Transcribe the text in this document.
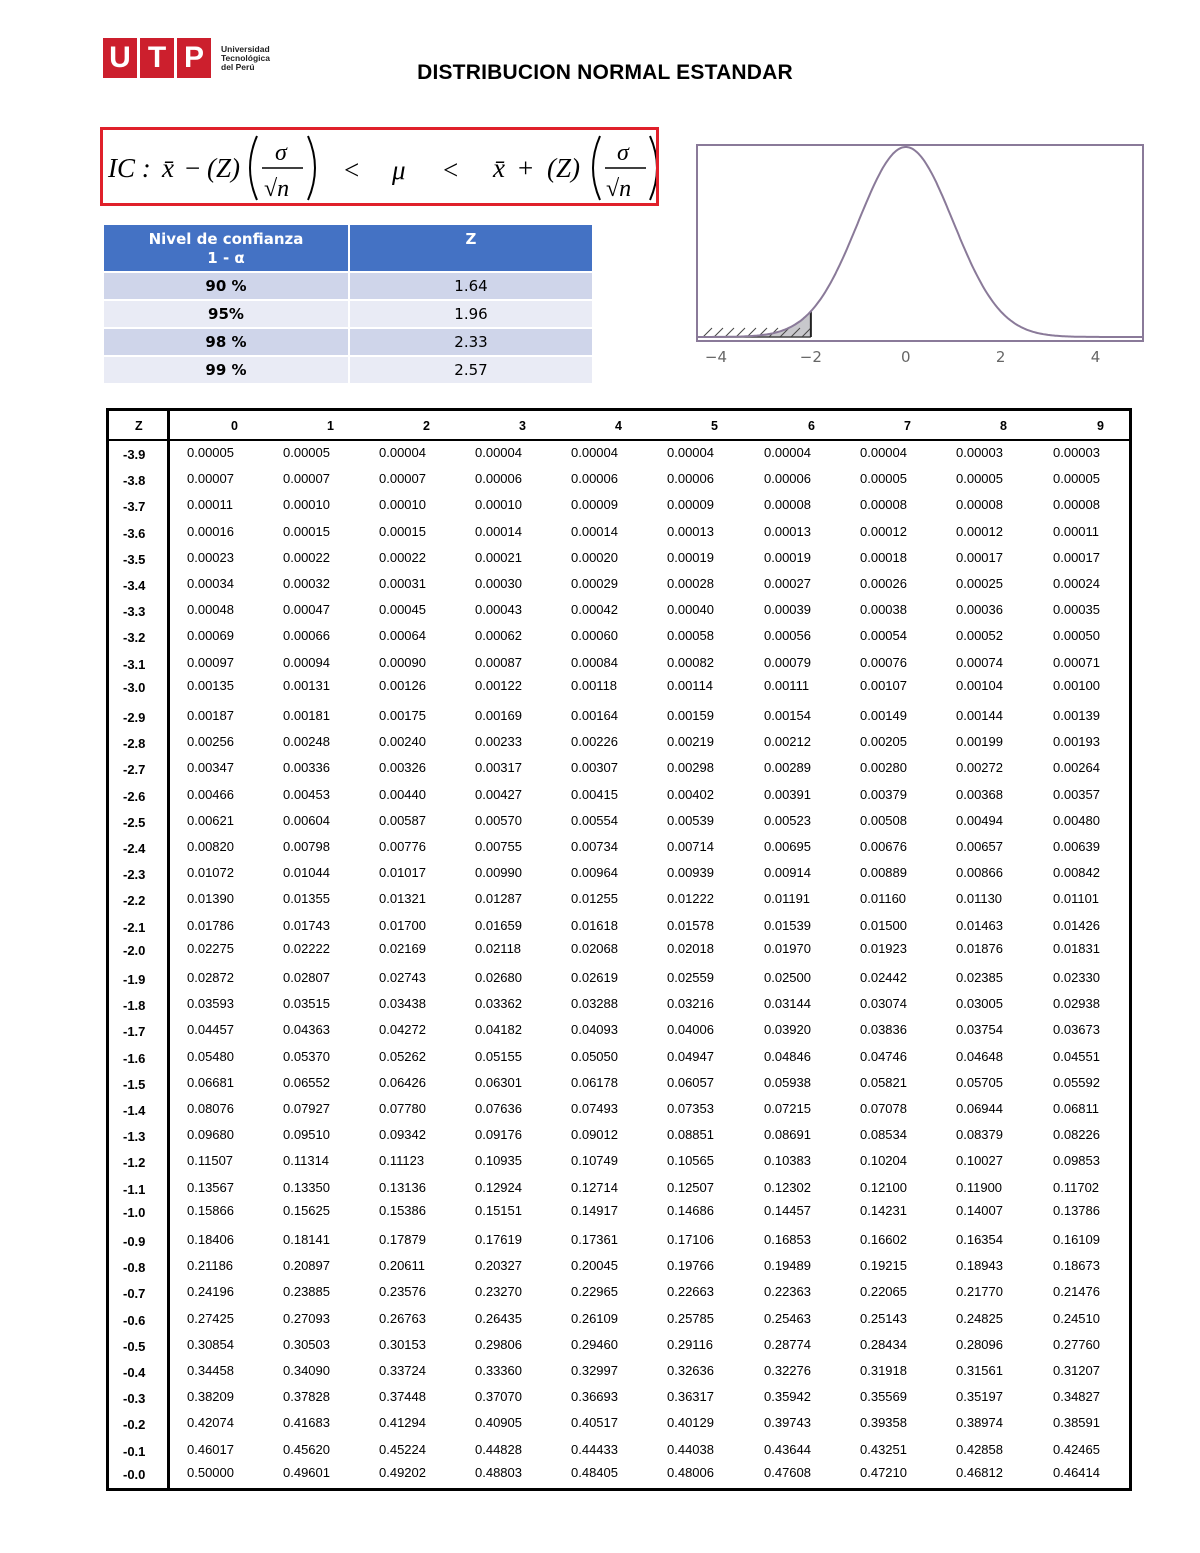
U T P	Universidad
Tecnológica
del Perú	DISTRIBUCION NORMAL ESTANDAR
IC : x̄ − (Z) σ
√n
< μ < x̄ + (Z) σ
√n
Nivel de confianza
1 - α	Z

90 %	1.64
95%	1.96
98 %	2.33
99 %	2.57
−4	−2	0	2	4
Z	0	1	2	3	4	5	6	7	8	9
-3.9	0.00005	0.00005	0.00004	0.00004	0.00004	0.00004	0.00004	0.00004	0.00003	0.00003
-3.8	0.00007	0.00007	0.00007	0.00006	0.00006	0.00006	0.00006	0.00005	0.00005	0.00005
-3.7	0.00011	0.00010	0.00010	0.00010	0.00009	0.00009	0.00008	0.00008	0.00008	0.00008
-3.6	0.00016	0.00015	0.00015	0.00014	0.00014	0.00013	0.00013	0.00012	0.00012	0.00011
-3.5	0.00023	0.00022	0.00022	0.00021	0.00020	0.00019	0.00019	0.00018	0.00017	0.00017
-3.4	0.00034	0.00032	0.00031	0.00030	0.00029	0.00028	0.00027	0.00026	0.00025	0.00024
-3.3	0.00048	0.00047	0.00045	0.00043	0.00042	0.00040	0.00039	0.00038	0.00036	0.00035
-3.2	0.00069	0.00066	0.00064	0.00062	0.00060	0.00058	0.00056	0.00054	0.00052	0.00050
-3.1	0.00097	0.00094	0.00090	0.00087	0.00084	0.00082	0.00079	0.00076	0.00074	0.00071
-3.0	0.00135	0.00131	0.00126	0.00122	0.00118	0.00114	0.00111	0.00107	0.00104	0.00100
-2.9	0.00187	0.00181	0.00175	0.00169	0.00164	0.00159	0.00154	0.00149	0.00144	0.00139
-2.8	0.00256	0.00248	0.00240	0.00233	0.00226	0.00219	0.00212	0.00205	0.00199	0.00193
-2.7	0.00347	0.00336	0.00326	0.00317	0.00307	0.00298	0.00289	0.00280	0.00272	0.00264
-2.6	0.00466	0.00453	0.00440	0.00427	0.00415	0.00402	0.00391	0.00379	0.00368	0.00357
-2.5	0.00621	0.00604	0.00587	0.00570	0.00554	0.00539	0.00523	0.00508	0.00494	0.00480
-2.4	0.00820	0.00798	0.00776	0.00755	0.00734	0.00714	0.00695	0.00676	0.00657	0.00639
-2.3	0.01072	0.01044	0.01017	0.00990	0.00964	0.00939	0.00914	0.00889	0.00866	0.00842
-2.2	0.01390	0.01355	0.01321	0.01287	0.01255	0.01222	0.01191	0.01160	0.01130	0.01101
-2.1	0.01786	0.01743	0.01700	0.01659	0.01618	0.01578	0.01539	0.01500	0.01463	0.01426
-2.0	0.02275	0.02222	0.02169	0.02118	0.02068	0.02018	0.01970	0.01923	0.01876	0.01831
-1.9	0.02872	0.02807	0.02743	0.02680	0.02619	0.02559	0.02500	0.02442	0.02385	0.02330
-1.8	0.03593	0.03515	0.03438	0.03362	0.03288	0.03216	0.03144	0.03074	0.03005	0.02938
-1.7	0.04457	0.04363	0.04272	0.04182	0.04093	0.04006	0.03920	0.03836	0.03754	0.03673
-1.6	0.05480	0.05370	0.05262	0.05155	0.05050	0.04947	0.04846	0.04746	0.04648	0.04551
-1.5	0.06681	0.06552	0.06426	0.06301	0.06178	0.06057	0.05938	0.05821	0.05705	0.05592
-1.4	0.08076	0.07927	0.07780	0.07636	0.07493	0.07353	0.07215	0.07078	0.06944	0.06811
-1.3	0.09680	0.09510	0.09342	0.09176	0.09012	0.08851	0.08691	0.08534	0.08379	0.08226
-1.2	0.11507	0.11314	0.11123	0.10935	0.10749	0.10565	0.10383	0.10204	0.10027	0.09853
-1.1	0.13567	0.13350	0.13136	0.12924	0.12714	0.12507	0.12302	0.12100	0.11900	0.11702
-1.0	0.15866	0.15625	0.15386	0.15151	0.14917	0.14686	0.14457	0.14231	0.14007	0.13786
-0.9	0.18406	0.18141	0.17879	0.17619	0.17361	0.17106	0.16853	0.16602	0.16354	0.16109
-0.8	0.21186	0.20897	0.20611	0.20327	0.20045	0.19766	0.19489	0.19215	0.18943	0.18673
-0.7	0.24196	0.23885	0.23576	0.23270	0.22965	0.22663	0.22363	0.22065	0.21770	0.21476
-0.6	0.27425	0.27093	0.26763	0.26435	0.26109	0.25785	0.25463	0.25143	0.24825	0.24510
-0.5	0.30854	0.30503	0.30153	0.29806	0.29460	0.29116	0.28774	0.28434	0.28096	0.27760
-0.4	0.34458	0.34090	0.33724	0.33360	0.32997	0.32636	0.32276	0.31918	0.31561	0.31207
-0.3	0.38209	0.37828	0.37448	0.37070	0.36693	0.36317	0.35942	0.35569	0.35197	0.34827
-0.2	0.42074	0.41683	0.41294	0.40905	0.40517	0.40129	0.39743	0.39358	0.38974	0.38591
-0.1	0.46017	0.45620	0.45224	0.44828	0.44433	0.44038	0.43644	0.43251	0.42858	0.42465
-0.0	0.50000	0.49601	0.49202	0.48803	0.48405	0.48006	0.47608	0.47210	0.46812	0.46414
